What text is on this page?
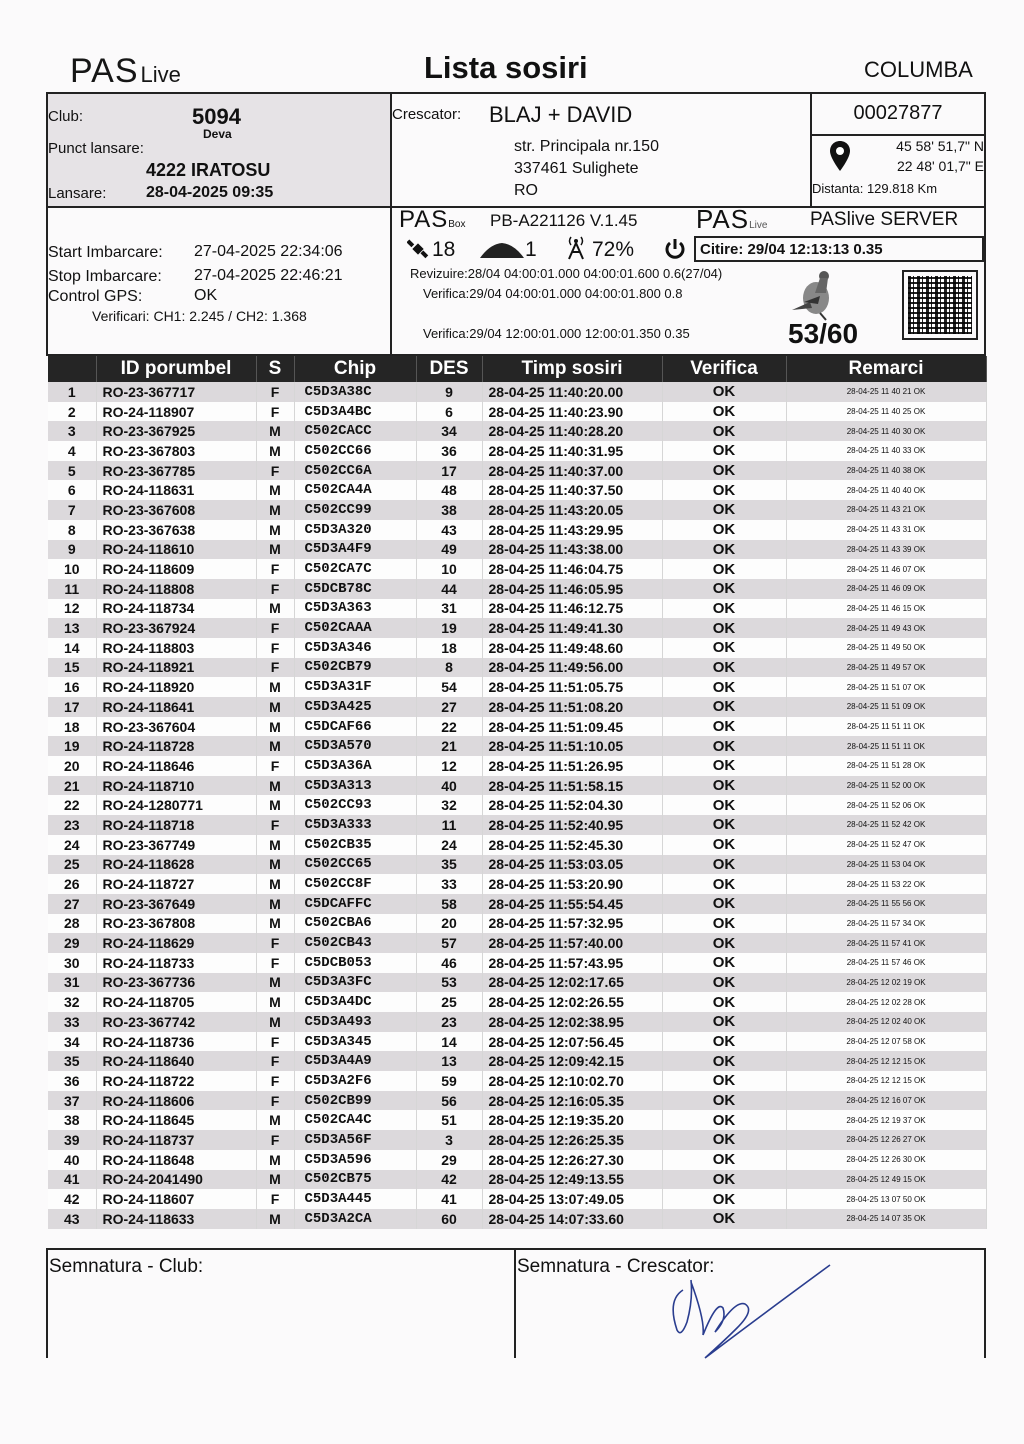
PASLive	Lista sosiri	COLUMBA
Club:	5094
Deva
Punct lansare:
4222 IRATOSU
Lansare: 28-04-2025 09:35
Crescator: BLAJ + DAVID
str. Principala nr.150
337461 Sulighete
RO
00027877
45 58' 51,7" N
22 48' 01,7" E
Distanta: 129.818 Km
Start Imbarcare: 27-04-2025 22:34:06
Stop Imbarcare: 27-04-2025 22:46:21
Control GPS:	OK
Verificari: CH1: 2.245 / CH2: 1.368
PASBox PB-A221126 V.1.45
18	1	72%
Revizuire:28/04 04:00:01.000 04:00:01.600 0.6(27/04)
Verifica:29/04 04:00:01.000 04:00:01.800 0.8
Verifica:29/04 12:00:01.000 12:00:01.350 0.35
PASLive PASlive SERVER
Citire: 29/04 12:13:13 0.35
53/60
	ID porumbel	S	Chip	DES	Timp sosiri	Verifica	Remarci
1	RO-23-367717	F	C5D3A38C	9	28-04-25 11:40:20.00	OK	28-04-25 11 40 21 OK
2	RO-24-118907	F	C5D3A4BC	6	28-04-25 11:40:23.90	OK	28-04-25 11 40 25 OK
3	RO-23-367925	M	C502CACC	34	28-04-25 11:40:28.20	OK	28-04-25 11 40 30 OK
4	RO-23-367803	M	C502CC66	36	28-04-25 11:40:31.95	OK	28-04-25 11 40 33 OK
5	RO-23-367785	F	C502CC6A	17	28-04-25 11:40:37.00	OK	28-04-25 11 40 38 OK
6	RO-24-118631	M	C502CA4A	48	28-04-25 11:40:37.50	OK	28-04-25 11 40 40 OK
7	RO-23-367608	M	C502CC99	38	28-04-25 11:43:20.05	OK	28-04-25 11 43 21 OK
8	RO-23-367638	M	C5D3A320	43	28-04-25 11:43:29.95	OK	28-04-25 11 43 31 OK
9	RO-24-118610	M	C5D3A4F9	49	28-04-25 11:43:38.00	OK	28-04-25 11 43 39 OK
10	RO-24-118609	F	C502CA7C	10	28-04-25 11:46:04.75	OK	28-04-25 11 46 07 OK
11	RO-24-118808	F	C5DCB78C	44	28-04-25 11:46:05.95	OK	28-04-25 11 46 09 OK
12	RO-24-118734	M	C5D3A363	31	28-04-25 11:46:12.75	OK	28-04-25 11 46 15 OK
13	RO-23-367924	F	C502CAAA	19	28-04-25 11:49:41.30	OK	28-04-25 11 49 43 OK
14	RO-24-118803	F	C5D3A346	18	28-04-25 11:49:48.60	OK	28-04-25 11 49 50 OK
15	RO-24-118921	F	C502CB79	8	28-04-25 11:49:56.00	OK	28-04-25 11 49 57 OK
16	RO-24-118920	M	C5D3A31F	54	28-04-25 11:51:05.75	OK	28-04-25 11 51 07 OK
17	RO-24-118641	M	C5D3A425	27	28-04-25 11:51:08.20	OK	28-04-25 11 51 09 OK
18	RO-23-367604	M	C5DCAF66	22	28-04-25 11:51:09.45	OK	28-04-25 11 51 11 OK
19	RO-24-118728	M	C5D3A570	21	28-04-25 11:51:10.05	OK	28-04-25 11 51 11 OK
20	RO-24-118646	F	C5D3A36A	12	28-04-25 11:51:26.95	OK	28-04-25 11 51 28 OK
21	RO-24-118710	M	C5D3A313	40	28-04-25 11:51:58.15	OK	28-04-25 11 52 00 OK
22	RO-24-1280771	M	C502CC93	32	28-04-25 11:52:04.30	OK	28-04-25 11 52 06 OK
23	RO-24-118718	F	C5D3A333	11	28-04-25 11:52:40.95	OK	28-04-25 11 52 42 OK
24	RO-23-367749	M	C502CB35	24	28-04-25 11:52:45.30	OK	28-04-25 11 52 47 OK
25	RO-24-118628	M	C502CC65	35	28-04-25 11:53:03.05	OK	28-04-25 11 53 04 OK
26	RO-24-118727	M	C502CC8F	33	28-04-25 11:53:20.90	OK	28-04-25 11 53 22 OK
27	RO-23-367649	M	C5DCAFFC	58	28-04-25 11:55:54.45	OK	28-04-25 11 55 56 OK
28	RO-23-367808	M	C502CBA6	20	28-04-25 11:57:32.95	OK	28-04-25 11 57 34 OK
29	RO-24-118629	F	C502CB43	57	28-04-25 11:57:40.00	OK	28-04-25 11 57 41 OK
30	RO-24-118733	F	C5DCB053	46	28-04-25 11:57:43.95	OK	28-04-25 11 57 46 OK
31	RO-23-367736	M	C5D3A3FC	53	28-04-25 12:02:17.65	OK	28-04-25 12 02 19 OK
32	RO-24-118705	M	C5D3A4DC	25	28-04-25 12:02:26.55	OK	28-04-25 12 02 28 OK
33	RO-23-367742	M	C5D3A493	23	28-04-25 12:02:38.95	OK	28-04-25 12 02 40 OK
34	RO-24-118736	F	C5D3A345	14	28-04-25 12:07:56.45	OK	28-04-25 12 07 58 OK
35	RO-24-118640	F	C5D3A4A9	13	28-04-25 12:09:42.15	OK	28-04-25 12 12 15 OK
36	RO-24-118722	F	C5D3A2F6	59	28-04-25 12:10:02.70	OK	28-04-25 12 12 15 OK
37	RO-24-118606	F	C502CB99	56	28-04-25 12:16:05.35	OK	28-04-25 12 16 07 OK
38	RO-24-118645	M	C502CA4C	51	28-04-25 12:19:35.20	OK	28-04-25 12 19 37 OK
39	RO-24-118737	F	C5D3A56F	3	28-04-25 12:26:25.35	OK	28-04-25 12 26 27 OK
40	RO-24-118648	M	C5D3A596	29	28-04-25 12:26:27.30	OK	28-04-25 12 26 30 OK
41	RO-24-2041490	M	C502CB75	42	28-04-25 12:49:13.55	OK	28-04-25 12 49 15 OK
42	RO-24-118607	F	C5D3A445	41	28-04-25 13:07:49.05	OK	28-04-25 13 07 50 OK
43	RO-24-118633	M	C5D3A2CA	60	28-04-25 14:07:33.60	OK	28-04-25 14 07 35 OK
Semnatura - Club:	Semnatura - Crescator:
